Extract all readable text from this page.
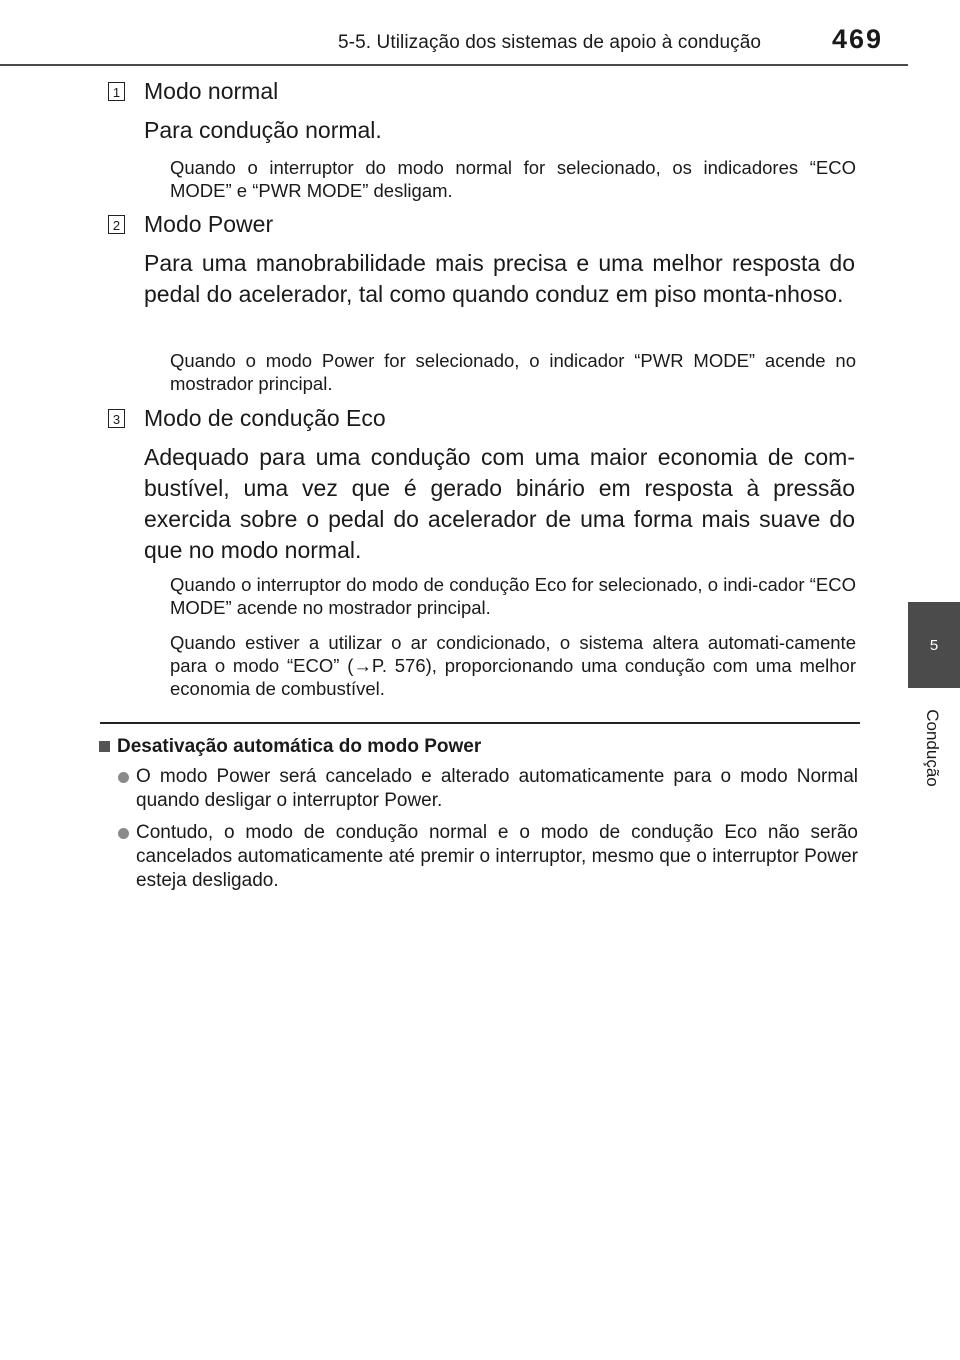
5-5. Utilização dos sistemas de apoio à condução	469
5
Condução
1 Modo normal
Para condução normal.
Quando o interruptor do modo normal for selecionado, os indicadores “ECO MODE” e “PWR MODE” desligam.
2 Modo Power
Para uma manobrabilidade mais precisa e uma melhor resposta do pedal do acelerador, tal como quando conduz em piso monta-nhoso.
Quando o modo Power for selecionado, o indicador “PWR MODE” acende no mostrador principal.
3 Modo de condução Eco
Adequado para uma condução com uma maior economia de com-bustível, uma vez que é gerado binário em resposta à pressão exercida sobre o pedal do acelerador de uma forma mais suave do que no modo normal.
Quando o interruptor do modo de condução Eco for selecionado, o indi-cador “ECO MODE” acende no mostrador principal.
Quando estiver a utilizar o ar condicionado, o sistema altera automati-camente para o modo “ECO” (→P. 576), proporcionando uma condução com uma melhor economia de combustível.
Desativação automática do modo Power
O modo Power será cancelado e alterado automaticamente para o modo Normal quando desligar o interruptor Power.
Contudo, o modo de condução normal e o modo de condução Eco não serão cancelados automaticamente até premir o interruptor, mesmo que o interruptor Power esteja desligado.
